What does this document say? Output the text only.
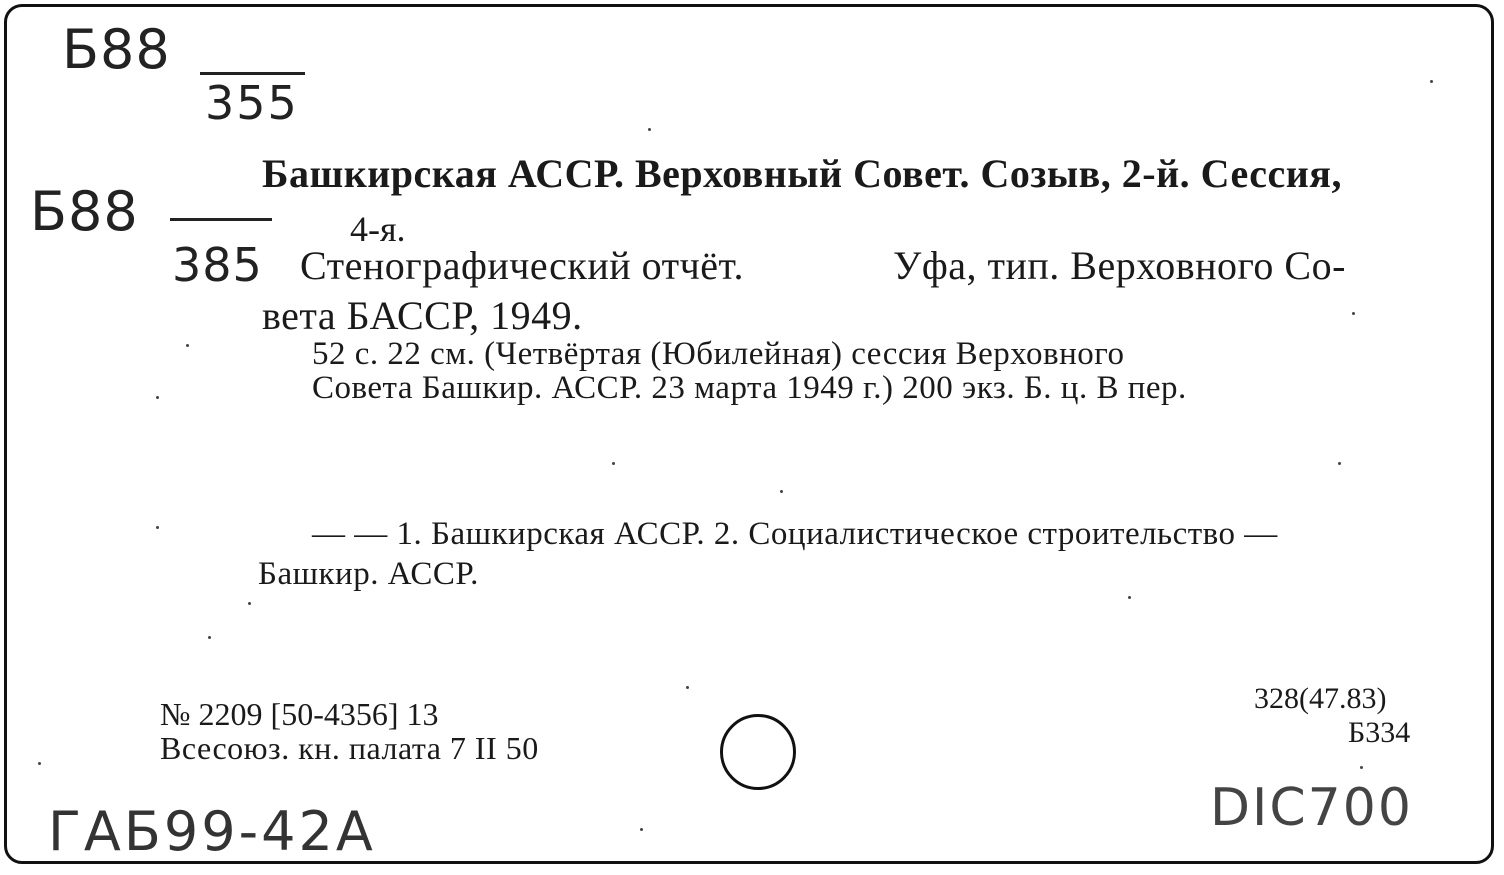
Б88
355
Б88
385
Башкирская АССР. Верховный Совет. Созыв, 2-й. Сессия,
4-я.
Стенографический отчёт.	Уфа, тип. Верховного Со-
вета БАССР, 1949.
52 с. 22 см. (Четвёртая (Юбилейная) сессия Верховного
Совета Башкир. АССР. 23 марта 1949 г.) 200 экз. Б. ц. В пер.
— — 1. Башкирская АССР. 2. Социалистическое строительство —
Башкир. АССР.
№ 2209 [50-4356] 13
Всесоюз. кн. палата 7 II 50
328(47.83)
Б334
ГАБ99-42А	DIC700
